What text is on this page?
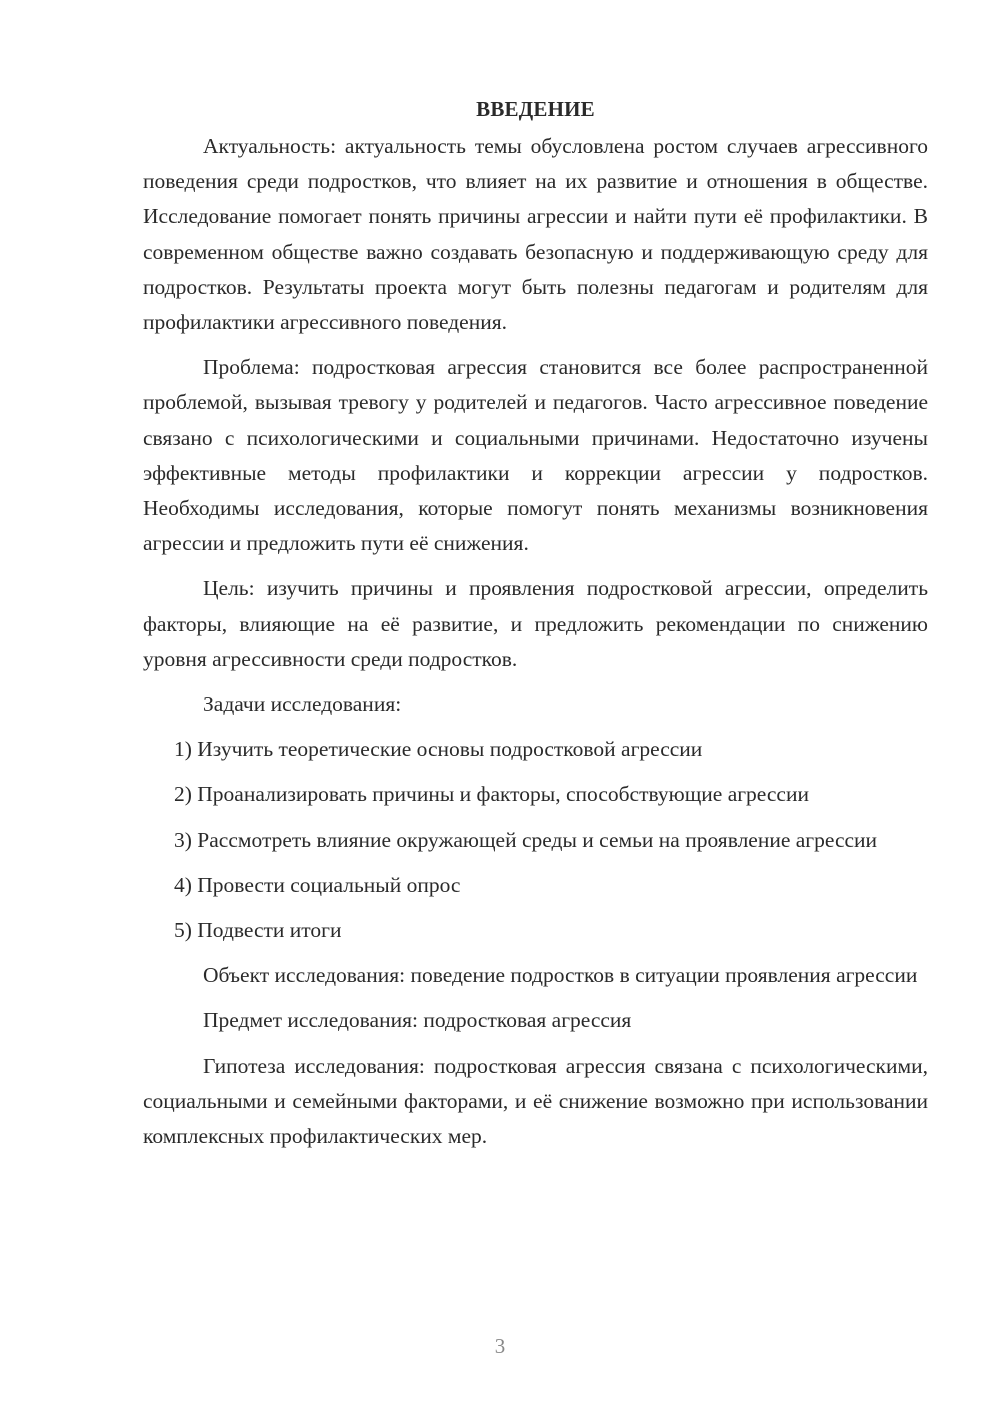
ВВЕДЕНИЕ

Актуальность: актуальность темы обусловлена ростом случаев агрессивного поведения среди подростков, что влияет на их развитие и отношения в обществе. Исследование помогает понять причины агрессии и найти пути её профилактики. В современном обществе важно создавать безопасную и поддерживающую среду для подростков. Результаты проекта могут быть полезны педагогам и родителям для профилактики агрессивного поведения.

Проблема: подростковая агрессия становится все более распространенной проблемой, вызывая тревогу у родителей и педагогов. Часто агрессивное поведение связано с психологическими и социальными причинами. Недостаточно изучены эффективные методы профилактики и коррекции агрессии у подростков. Необходимы исследования, которые помогут понять механизмы возникновения агрессии и предложить пути её снижения.

Цель: изучить причины и проявления подростковой агрессии, определить факторы, влияющие на её развитие, и предложить рекомендации по снижению уровня агрессивности среди подростков.

Задачи исследования:

1) Изучить теоретические основы подростковой агрессии

2) Проанализировать причины и факторы, способствующие агрессии

3) Рассмотреть влияние окружающей среды и семьи на проявление агрессии

4) Провести социальный опрос

5) Подвести итоги

Объект исследования: поведение подростков в ситуации проявления агрессии

Предмет исследования: подростковая агрессия

Гипотеза исследования: подростковая агрессия связана с психологическими, социальными и семейными факторами, и её снижение возможно при использовании комплексных профилактических мер.

3
